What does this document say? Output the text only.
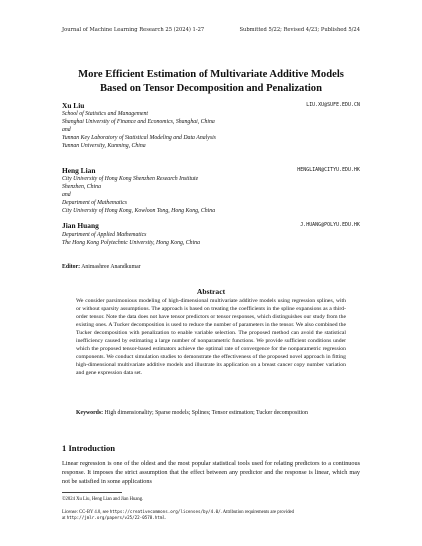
Journal of Machine Learning Research 25 (2024) 1-27	Submitted 5/22; Revised 4/23; Published 5/24
More Efficient Estimation of Multivariate Additive Models
Based on Tensor Decomposition and Penalization
Xu Liu	LIU.XU@SUFE.EDU.CN
School of Statistics and Management
Shanghai University of Finance and Economics, Shanghai, China
and
Yunnan Key Laboratory of Statistical Modeling and Data Analysis
Yunnan University, Kunming, China
Heng Lian	HENGLIAN@CITYU.EDU.HK
City University of Hong Kong Shenzhen Research Institute
Shenzhen, China
and
Department of Mathematics
City University of Hong Kong, Kowloon Tong, Hong Kong, China
Jian Huang	J.HUANG@POLYU.EDU.HK
Department of Applied Mathematics
The Hong Kong Polytechnic University, Hong Kong, China
Editor: Animashree Anandkumar
Abstract
We consider parsimonious modeling of high-dimensional multivariate additive models using regression splines, with or without sparsity assumptions. The approach is based on treating the coefficients in the spline expansions as a third-order tensor. Note the data does not have tensor predictors or tensor responses, which distinguishes our study from the existing ones. A Tucker decomposition is used to reduce the number of parameters in the tensor. We also combined the Tucker decomposition with penalization to enable variable selection. The proposed method can avoid the statistical inefficiency caused by estimating a large number of nonparametric functions. We provide sufficient conditions under which the proposed tensor-based estimators achieve the optimal rate of convergence for the nonparametric regression components. We conduct simulation studies to demonstrate the effectiveness of the proposed novel approach in fitting high-dimensional multivariate additive models and illustrate its application on a breast cancer copy number variation and gene expression data set.
Keywords: High dimensionality; Sparse models; Splines; Tensor estimation; Tucker decomposition
1 Introduction
Linear regression is one of the oldest and the most popular statistical tools used for relating predictors to a continuous response. It imposes the strict assumption that the effect between any predictor and the response is linear, which may not be satisfied in some applications
©2024 Xu Liu, Heng Lian and Jian Huang.
License: CC-BY 4.0, see https://creativecommons.org/licenses/by/4.0/. Attribution requirements are provided
at http://jmlr.org/papers/v25/22-0578.html.
